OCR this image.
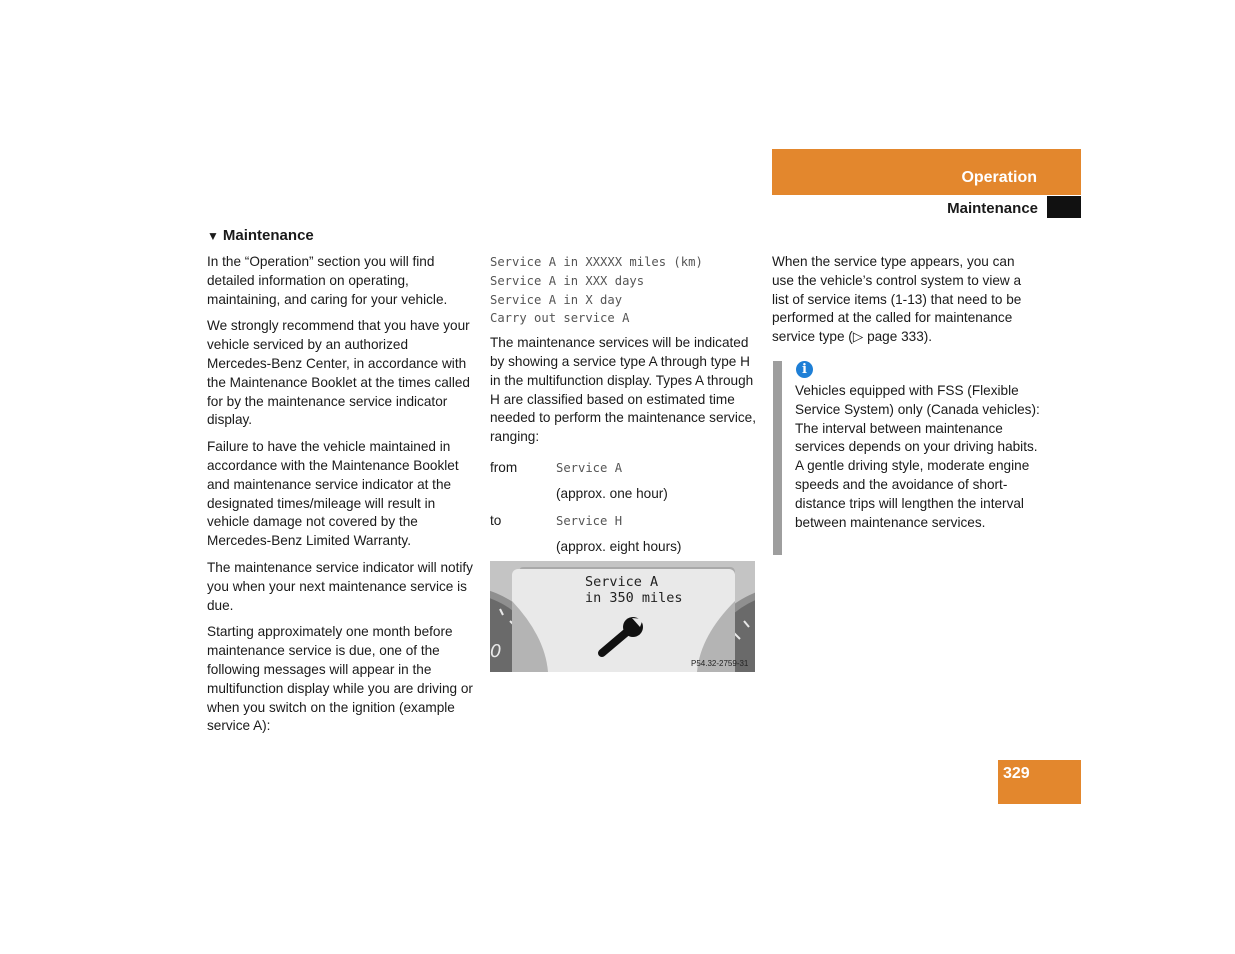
Operation
Maintenance
▼ Maintenance

In the “Operation” section you will find detailed information on operating, maintaining, and caring for your vehicle.

We strongly recommend that you have your vehicle serviced by an authorized Mercedes-Benz Center, in accordance with the Maintenance Booklet at the times called for by the maintenance service indicator display.

Failure to have the vehicle maintained in accordance with the Maintenance Booklet and maintenance service indicator at the designated times/mileage will result in vehicle damage not covered by the Mercedes-Benz Limited Warranty.

The maintenance service indicator will notify you when your next maintenance service is due.

Starting approximately one month before maintenance service is due, one of the following messages will appear in the multifunction display while you are driving or when you switch on the ignition (example service A):

Service A in XXXXX miles (km)
Service A in XXX days
Service A in X day
Carry out service A

The maintenance services will be indicated by showing a service type A through type H in the multifunction display. Types A through H are classified based on estimated time needed to perform the maintenance service, ranging:

from	Service A
(approx. one hour)
to	Service H
(approx. eight hours)
0
Service A
in 350 miles
P54.32-2759-31

When the service type appears, you can use the vehicle’s control system to view a list of service items (1-13) that need to be performed at the called for maintenance service type (▷ page 333).

i
Vehicles equipped with FSS (Flexible Service System) only (Canada vehicles): The interval between maintenance services depends on your driving habits. A gentle driving style, moderate engine speeds and the avoidance of short-distance trips will lengthen the interval between maintenance services.
329
